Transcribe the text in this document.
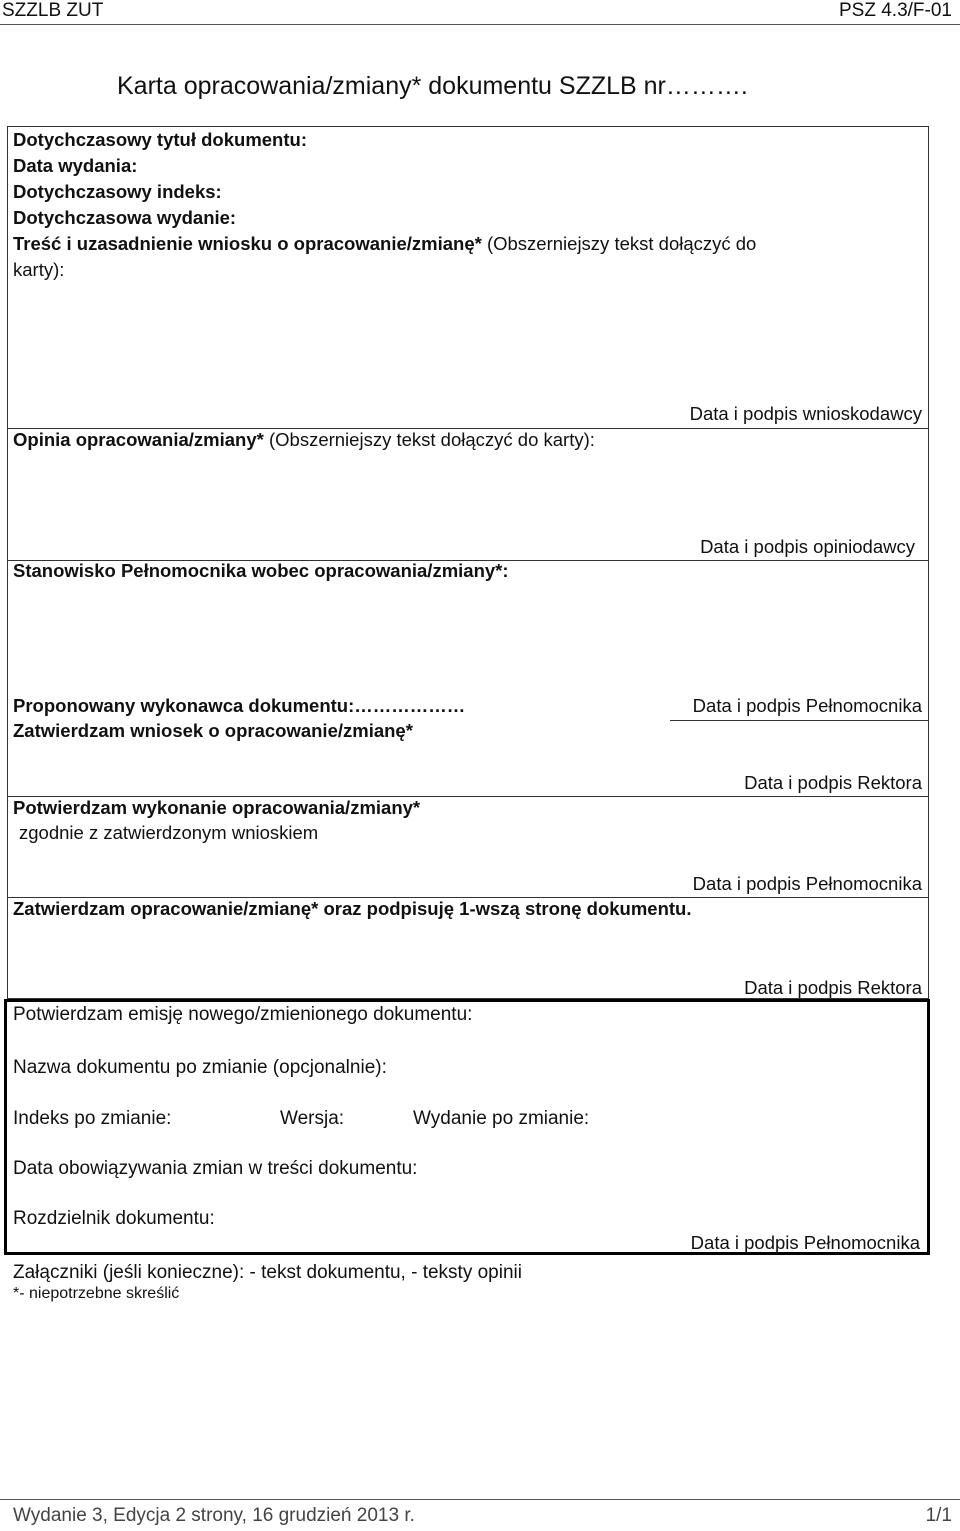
SZZLB ZUT	PSZ 4.3/F-01
Karta opracowania/zmiany* dokumentu SZZLB nr……….
Dotychczasowy tytuł dokumentu:
Data wydania:
Dotychczasowy indeks:
Dotychczasowa wydanie:
Treść i uzasadnienie wniosku o opracowanie/zmianę* (Obszerniejszy tekst dołączyć do
karty):
Data i podpis wnioskodawcy
Opinia opracowania/zmiany* (Obszerniejszy tekst dołączyć do karty):
Data i podpis opiniodawcy
Stanowisko Pełnomocnika wobec opracowania/zmiany*:
Proponowany wykonawca dokumentu:………………	Data i podpis Pełnomocnika
Zatwierdzam wniosek o opracowanie/zmianę*
Data i podpis Rektora
Potwierdzam wykonanie opracowania/zmiany*
zgodnie z zatwierdzonym wnioskiem
Data i podpis Pełnomocnika
Zatwierdzam opracowanie/zmianę* oraz podpisuję 1-wszą stronę dokumentu.
Data i podpis Rektora
Potwierdzam emisję nowego/zmienionego dokumentu:
Nazwa dokumentu po zmianie (opcjonalnie):
Indeks po zmianie:	Wersja:	Wydanie po zmianie:
Data obowiązywania zmian w treści dokumentu:
Rozdzielnik dokumentu:
Data i podpis Pełnomocnika
Załączniki (jeśli konieczne): - tekst dokumentu, - teksty opinii
*- niepotrzebne skreślić
Wydanie 3, Edycja 2 strony, 16 grudzień 2013 r.	1/1
